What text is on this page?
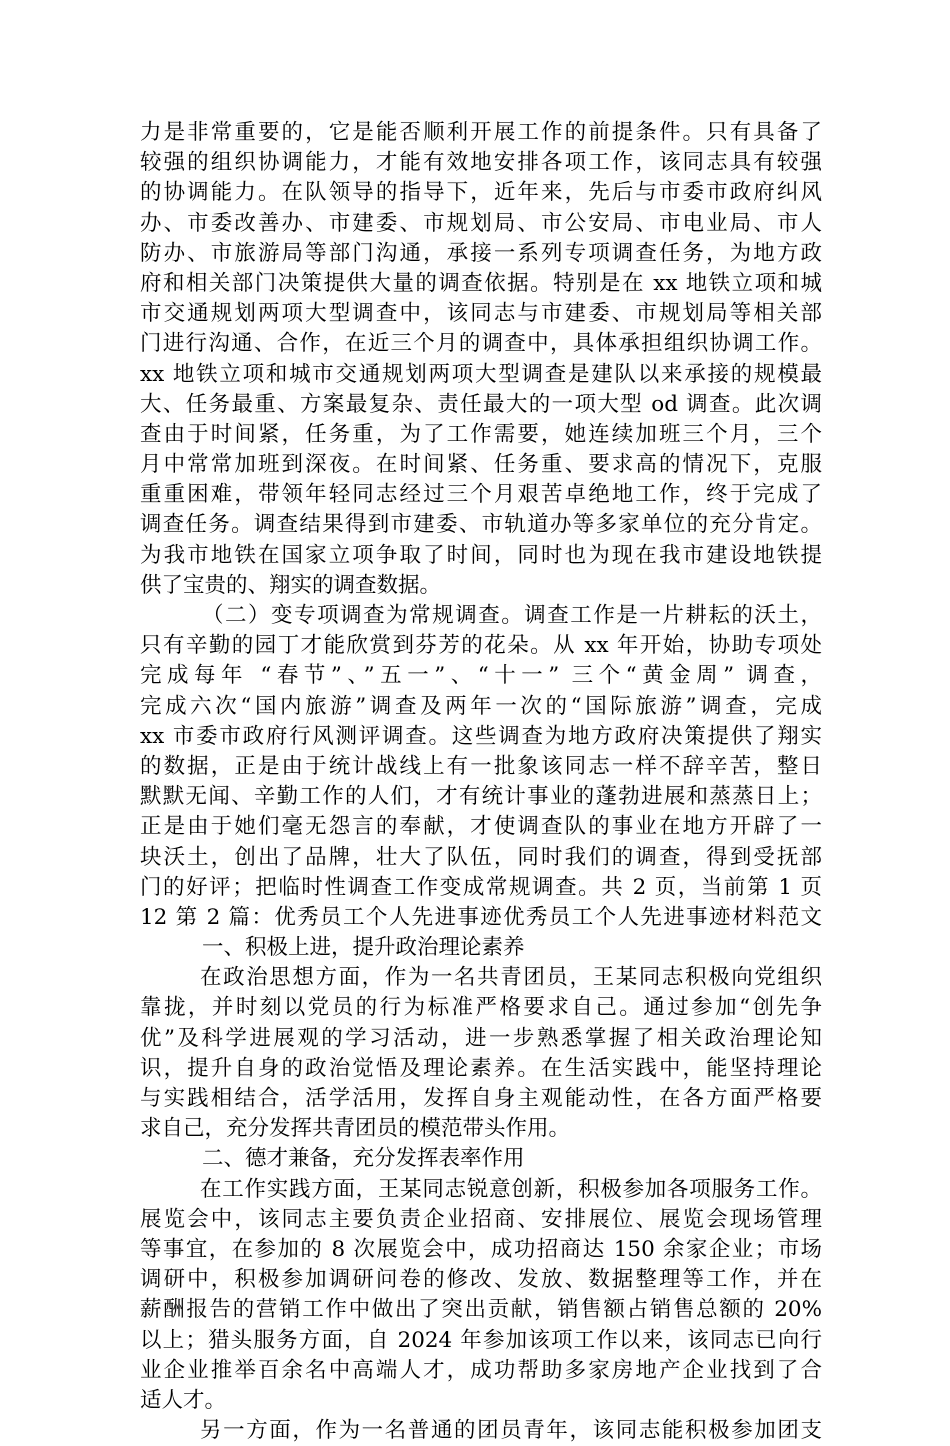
力是非常重要的，它是能否顺利开展工作的前提条件。只有具备了
较强的组织协调能力，才能有效地安排各项工作，该同志具有较强
的协调能力。在队领导的指导下，近年来，先后与市委市政府纠风
办、市委改善办、市建委、市规划局、市公安局、市电业局、市人
防办、市旅游局等部门沟通，承接一系列专项调查任务，为地方政
府和相关部门决策提供大量的调查依据。特别是在 xx 地铁立项和城
市交通规划两项大型调查中，该同志与市建委、市规划局等相关部
门进行沟通、合作，在近三个月的调查中，具体承担组织协调工作。
xx 地铁立项和城市交通规划两项大型调查是建队以来承接的规模最
大、任务最重、方案最复杂、责任最大的一项大型 od 调查。此次调
查由于时间紧，任务重，为了工作需要，她连续加班三个月，三个
月中常常加班到深夜。在时间紧、任务重、要求高的情况下，克服
重重困难，带领年轻同志经过三个月艰苦卓绝地工作，终于完成了
调查任务。调查结果得到市建委、市轨道办等多家单位的充分肯定。
为我市地铁在国家立项争取了时间，同时也为现在我市建设地铁提
供了宝贵的、翔实的调查数据。
（二）变专项调查为常规调查。调查工作是一片耕耘的沃土，
只有辛勤的园丁才能欣赏到芬芳的花朵。从 xx 年开始，协助专项处
完成每年 “春节”、”五一”、“十一” 三个“黄金周” 调查，
完成六次“国内旅游”调查及两年一次的“国际旅游”调查，完成
xx 市委市政府行风测评调查。这些调查为地方政府决策提供了翔实
的数据，正是由于统计战线上有一批象该同志一样不辞辛苦，整日
默默无闻、辛勤工作的人们，才有统计事业的蓬勃进展和蒸蒸日上；
正是由于她们毫无怨言的奉献，才使调查队的事业在地方开辟了一
块沃土，创出了品牌，壮大了队伍，同时我们的调查，得到受抚部
门的好评；把临时性调查工作变成常规调查。共 2 页，当前第 1 页
12 第 2 篇：优秀员工个人先进事迹优秀员工个人先进事迹材料范文
一、积极上进，提升政治理论素养
在政治思想方面，作为一名共青团员，王某同志积极向党组织
靠拢，并时刻以党员的行为标准严格要求自己。通过参加“创先争
优”及科学进展观的学习活动，进一步熟悉掌握了相关政治理论知
识，提升自身的政治觉悟及理论素养。在生活实践中，能坚持理论
与实践相结合，活学活用，发挥自身主观能动性，在各方面严格要
求自己，充分发挥共青团员的模范带头作用。
二、德才兼备，充分发挥表率作用
在工作实践方面，王某同志锐意创新，积极参加各项服务工作。
展览会中，该同志主要负责企业招商、安排展位、展览会现场管理
等事宜，在参加的 8 次展览会中，成功招商达 150 余家企业；市场
调研中，积极参加调研问卷的修改、发放、数据整理等工作，并在
薪酬报告的营销工作中做出了突出贡献，销售额占销售总额的 20%
以上；猎头服务方面，自 2024 年参加该项工作以来，该同志已向行
业企业推举百余名中高端人才，成功帮助多家房地产企业找到了合
适人才。
另一方面，作为一名普通的团员青年，该同志能积极参加团支
